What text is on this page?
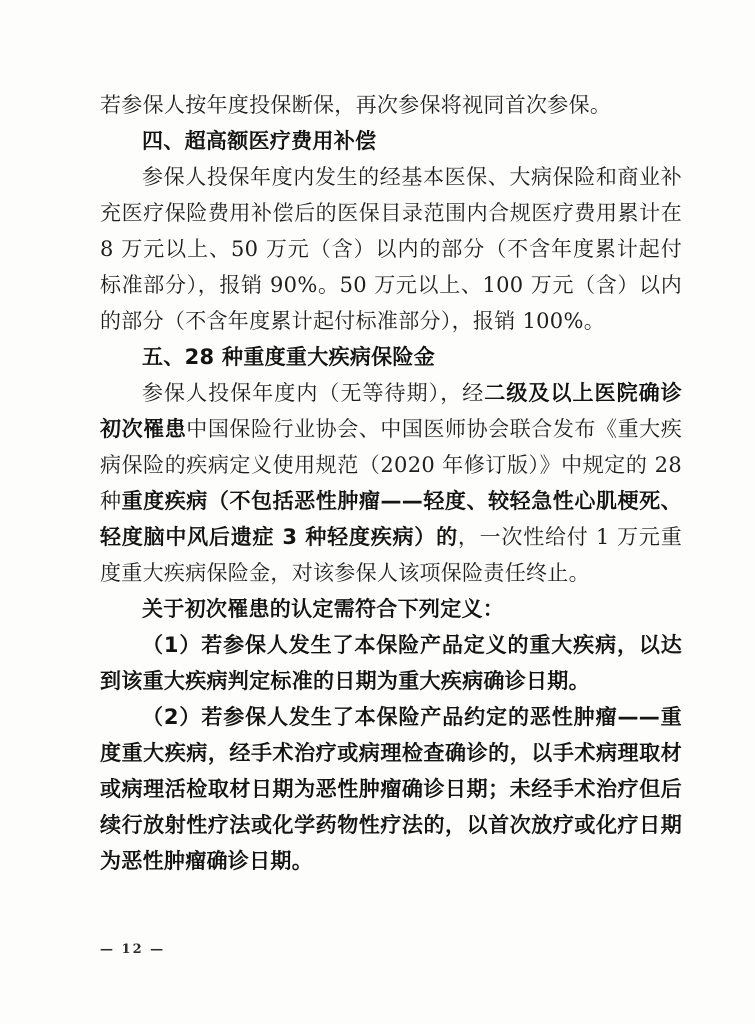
若参保人按年度投保断保，再次参保将视同首次参保。

四、超高额医疗费用补偿

参保人投保年度内发生的经基本医保、大病保险和商业补充医疗保险费用补偿后的医保目录范围内合规医疗费用累计在 8 万元以上、50 万元（含）以内的部分（不含年度累计起付标准部分），报销 90%。50 万元以上、100 万元（含）以内的部分（不含年度累计起付标准部分），报销 100%。

五、28 种重度重大疾病保险金

参保人投保年度内（无等待期），经二级及以上医院确诊初次罹患中国保险行业协会、中国医师协会联合发布《重大疾病保险的疾病定义使用规范（2020 年修订版）》中规定的 28 种重度疾病（不包括恶性肿瘤——轻度、较轻急性心肌梗死、轻度脑中风后遗症 3 种轻度疾病）的，一次性给付 1 万元重度重大疾病保险金，对该参保人该项保险责任终止。

关于初次罹患的认定需符合下列定义：

（1）若参保人发生了本保险产品定义的重大疾病，以达到该重大疾病判定标准的日期为重大疾病确诊日期。

（2）若参保人发生了本保险产品约定的恶性肿瘤——重度重大疾病，经手术治疗或病理检查确诊的，以手术病理取材或病理活检取材日期为恶性肿瘤确诊日期；未经手术治疗但后续行放射性疗法或化学药物性疗法的，以首次放疗或化疗日期为恶性肿瘤确诊日期。

— 12 —
